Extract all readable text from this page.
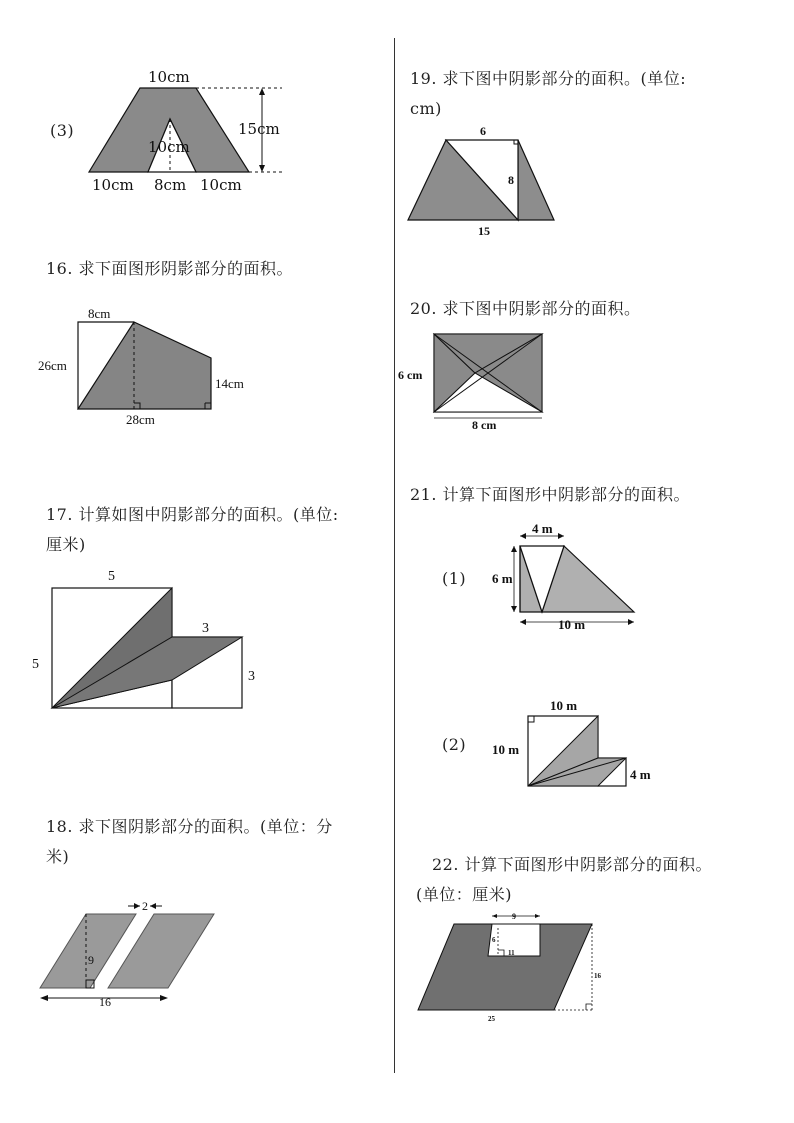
(3)
10cm
15cm
10cm
10cm 8cm 10cm
16. 求下面图形阴影部分的面积。
8cm
26cm
14cm
28cm
17. 计算如图中阴影部分的面积。(单位:
厘米)
5
5
3
3
18. 求下图阴影部分的面积。(单位：分
米)
2
9
16
19. 求下图中阴影部分的面积。(单位:
cm)
6
8
15
20. 求下图中阴影部分的面积。
6 cm
8 cm
21. 计算下面图形中阴影部分的面积。
(1)
4 m
6 m
10 m
(2)
10 m
10 m
4 m
22. 计算下面图形中阴影部分的面积。
(单位：厘米)
9
6
11
16
25
